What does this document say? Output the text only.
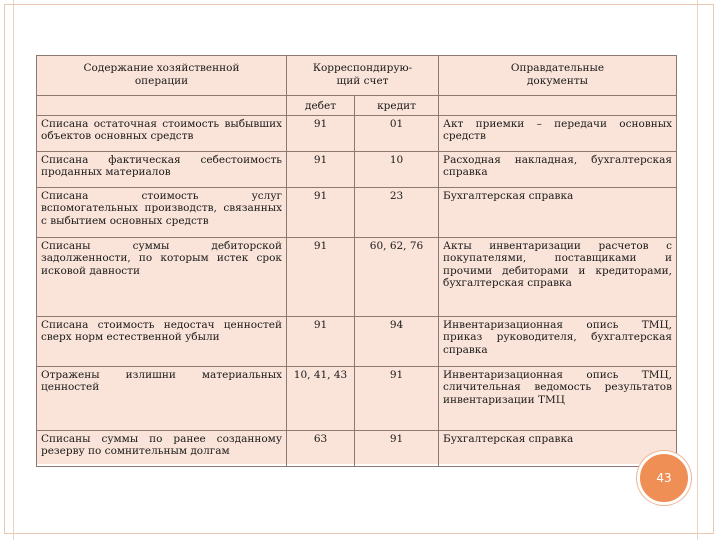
Содержание хозяйственной операции	Корреспондирую-щий счет		Оправдательные документы
	дебет	кредит	
Списана остаточная стоимость выбывших объектов основных средств	91	01	Акт приемки – передачи основных средств
Списана фактическая себестоимость проданных материалов	91	10	Расходная накладная, бухгалтерская справка
Списана стоимость услуг вспомогательных производств, связанных с выбытием основных средств	91	23	Бухгалтерская справка
Списаны суммы дебиторской задолженности, по которым истек срок исковой давности	91	60, 62, 76	Акты инвентаризации расчетов с покупателями, поставщиками и прочими дебиторами и кредиторами, бухгалтерская справка
Списана стоимость недостач ценностей сверх норм естественной убыли	91	94	Инвентаризационная опись ТМЦ, приказ руководителя, бухгалтерская справка
Отражены излишни материальных ценностей	10, 41, 43	91	Инвентаризационная опись ТМЦ, сличительная ведомость результатов инвентаризации ТМЦ
Списаны суммы по ранее созданному резерву по сомнительным долгам	63	91	Бухгалтерская справка
43
